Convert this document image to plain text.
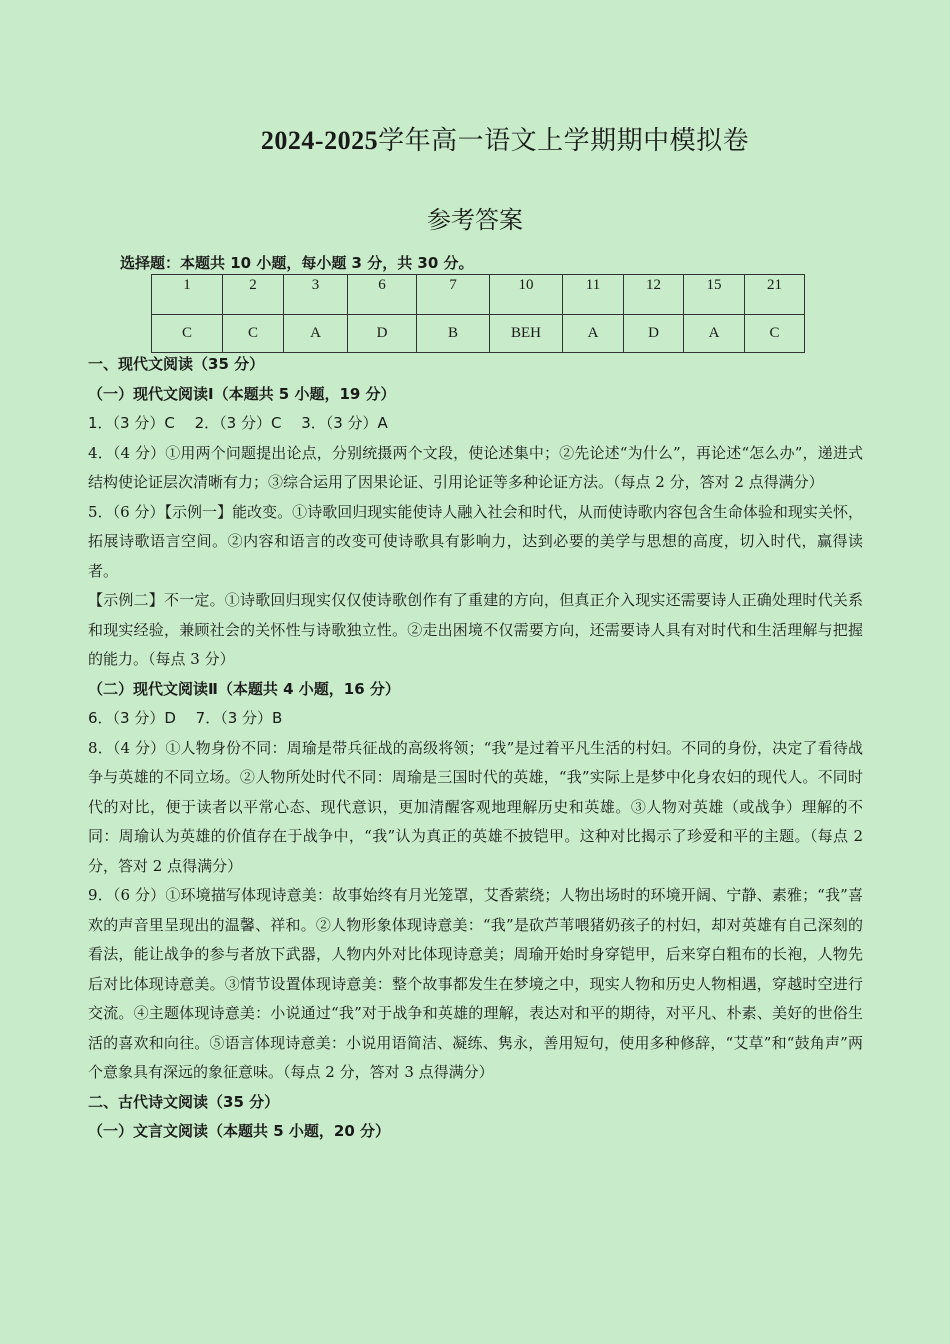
2024-2025学年高一语文上学期期中模拟卷
参考答案
选择题：本题共 10 小题，每小题 3 分，共 30 分。
1	2	3	6	7	10	11	12	15	21
C	C	A	D	B	BEH	A	D	A	C

一、现代文阅读（35 分）

（一）现代文阅读Ⅰ（本题共 5 小题，19 分）

1．（3 分）C　 2．（3 分）C　 3．（3 分）A

4．（4 分）①用两个问题提出论点，分别统摄两个文段，使论述集中；②先论述“为什么”，再论述“怎么办”，递进式结构使论证层次清晰有力；③综合运用了因果论证、引用论证等多种论证方法。（每点 2 分，答对 2 点得满分）

5．（6 分）【示例一】能改变。①诗歌回归现实能使诗人融入社会和时代，从而使诗歌内容包含生命体验和现实关怀，拓展诗歌语言空间。②内容和语言的改变可使诗歌具有影响力，达到必要的美学与思想的高度，切入时代，赢得读者。

【示例二】不一定。①诗歌回归现实仅仅使诗歌创作有了重建的方向，但真正介入现实还需要诗人正确处理时代关系和现实经验，兼顾社会的关怀性与诗歌独立性。②走出困境不仅需要方向，还需要诗人具有对时代和生活理解与把握的能力。（每点 3 分）

（二）现代文阅读Ⅱ（本题共 4 小题，16 分）

6．（3 分）D　 7．（3 分）B

8．（4 分）①人物身份不同：周瑜是带兵征战的高级将领；“我”是过着平凡生活的村妇。不同的身份，决定了看待战争与英雄的不同立场。②人物所处时代不同：周瑜是三国时代的英雄，“我”实际上是梦中化身农妇的现代人。不同时代的对比，便于读者以平常心态、现代意识，更加清醒客观地理解历史和英雄。③人物对英雄（或战争）理解的不同：周瑜认为英雄的价值存在于战争中，“我”认为真正的英雄不披铠甲。这种对比揭示了珍爱和平的主题。（每点 2 分，答对 2 点得满分）

9．（6 分）①环境描写体现诗意美：故事始终有月光笼罩，艾香萦绕；人物出场时的环境开阔、宁静、素雅；“我”喜欢的声音里呈现出的温馨、祥和。②人物形象体现诗意美：“我”是砍芦苇喂猪奶孩子的村妇，却对英雄有自己深刻的看法，能让战争的参与者放下武器，人物内外对比体现诗意美；周瑜开始时身穿铠甲，后来穿白粗布的长袍，人物先后对比体现诗意美。③情节设置体现诗意美：整个故事都发生在梦境之中，现实人物和历史人物相遇，穿越时空进行交流。④主题体现诗意美：小说通过“我”对于战争和英雄的理解，表达对和平的期待，对平凡、朴素、美好的世俗生活的喜欢和向往。⑤语言体现诗意美：小说用语简洁、凝练、隽永，善用短句，使用多种修辞，“艾草”和“鼓角声”两个意象具有深远的象征意味。（每点 2 分，答对 3 点得满分）

二、古代诗文阅读（35 分）

（一）文言文阅读（本题共 5 小题，20 分）
